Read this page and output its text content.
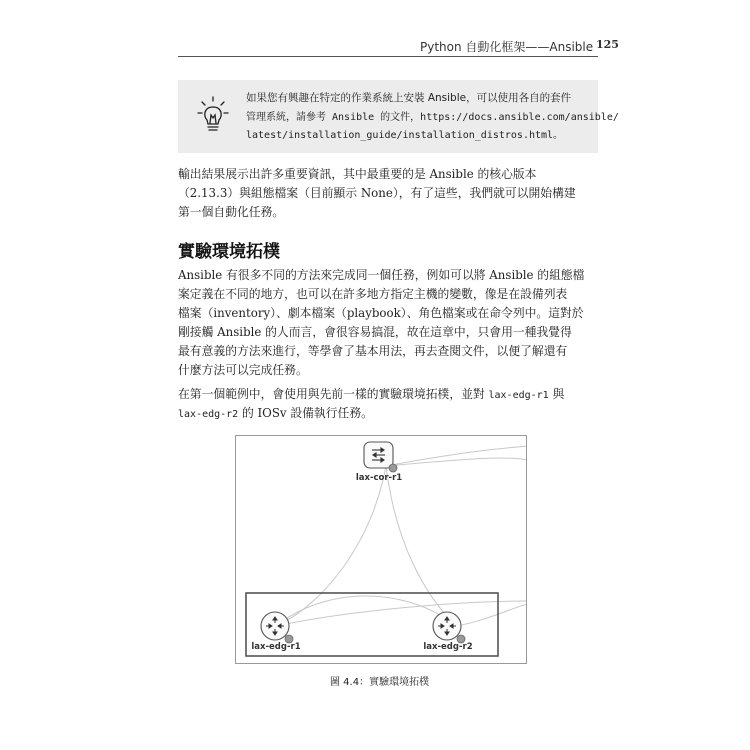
Python 自動化框架——Ansible 125
如果您有興趣在特定的作業系統上安裝 Ansible，可以使用各自的套件
管理系統，請參考 Ansible 的文件，https://docs.ansible.com/ansible/
latest/installation_guide/installation_distros.html。
輸出結果展示出許多重要資訊，其中最重要的是 Ansible 的核心版本
（2.13.3）與組態檔案（目前顯示 None），有了這些，我們就可以開始構建
第一個自動化任務。
實驗環境拓樸
Ansible 有很多不同的方法來完成同一個任務，例如可以將 Ansible 的組態檔
案定義在不同的地方，也可以在許多地方指定主機的變數，像是在設備列表
檔案（inventory）、劇本檔案（playbook）、角色檔案或在命令列中。這對於
剛接觸 Ansible 的人而言，會很容易搞混，故在這章中，只會用一種我覺得
最有意義的方法來進行，等學會了基本用法，再去查閱文件，以便了解還有
什麼方法可以完成任務。
在第一個範例中，會使用與先前一樣的實驗環境拓樸，並對 lax-edg-r1 與
lax-edg-r2 的 IOSv 設備執行任務。
lax-cor-r1
lax-edg-r1	lax-edg-r2
圖 4.4：實驗環境拓樸
